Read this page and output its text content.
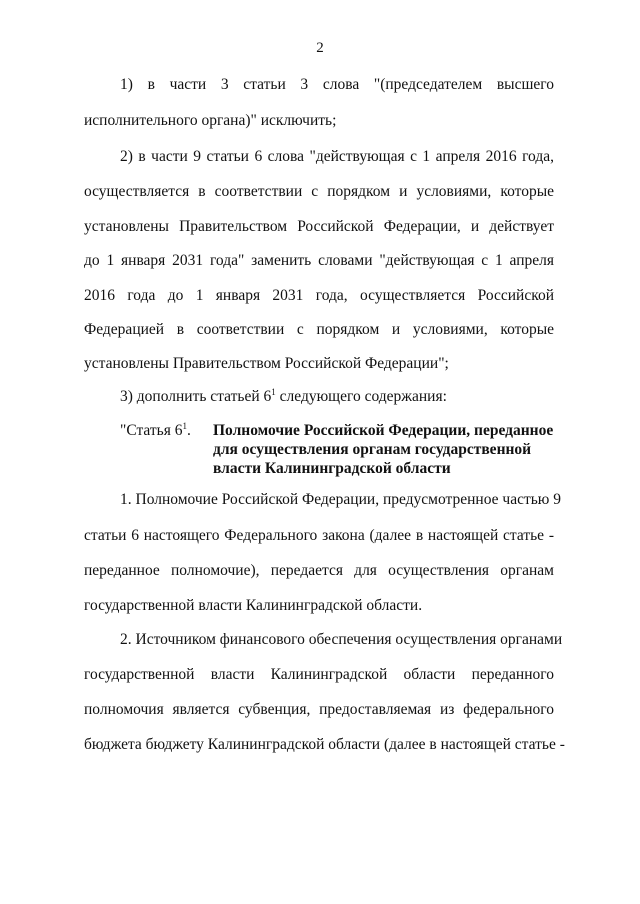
2
1) в части 3 статьи 3 слова "(председателем высшего
исполнительного органа)" исключить;
2) в части 9 статьи 6 слова "действующая с 1 апреля 2016 года,
осуществляется в соответствии с порядком и условиями, которые
установлены Правительством Российской Федерации, и действует
до 1 января 2031 года" заменить словами "действующая с 1 апреля
2016 года до 1 января 2031 года, осуществляется Российской
Федерацией в соответствии с порядком и условиями, которые
установлены Правительством Российской Федерации";
3) дополнить статьей $6^1$ следующего содержания:
"Статья $6^1$. Полномочие Российской Федерации, переданное
для осуществления органам государственной
власти Калининградской области
1. Полномочие Российской Федерации, предусмотренное частью 9
статьи 6 настоящего Федерального закона (далее в настоящей статье -
переданное полномочие), передается для осуществления органам
государственной власти Калининградской области.
2. Источником финансового обеспечения осуществления органами
государственной власти Калининградской области переданного
полномочия является субвенция, предоставляемая из федерального
бюджета бюджету Калининградской области (далее в настоящей статье -
